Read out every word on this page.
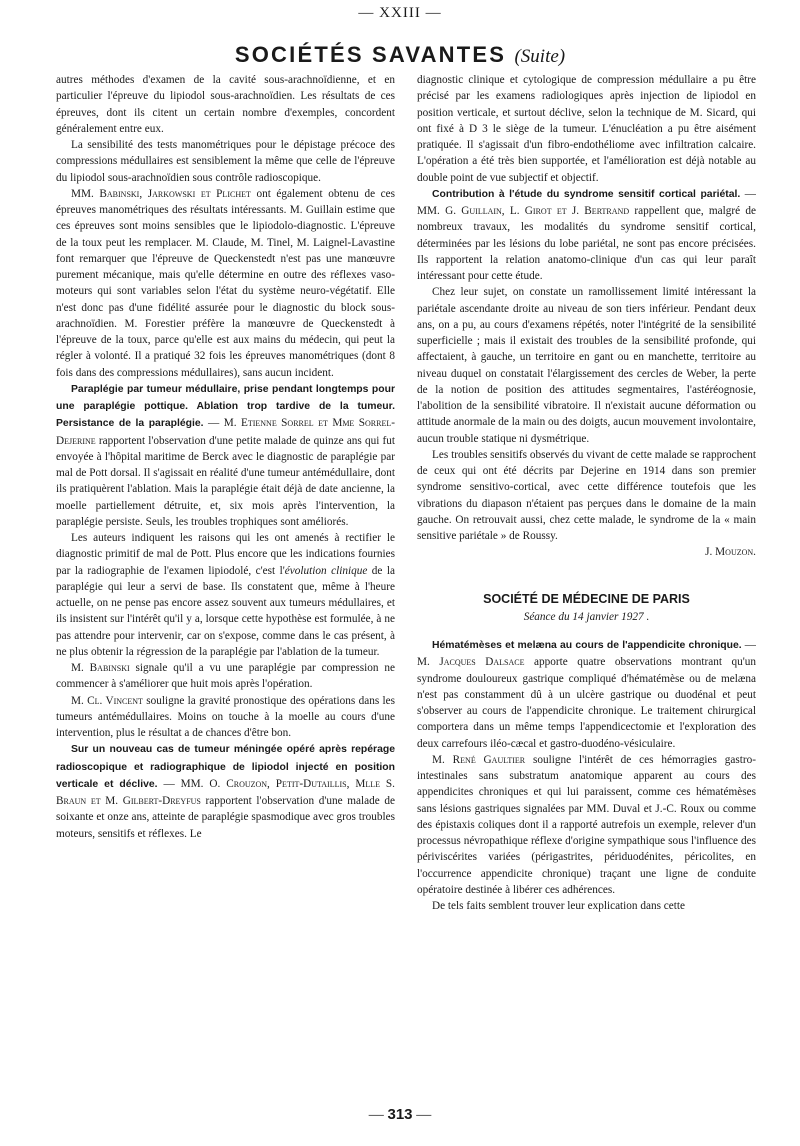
— XXIII —
SOCIÉTÉS SAVANTES (Suite)

autres méthodes d'examen de la cavité sous-arachnoïdienne, et en particulier l'épreuve du lipiodol sous-arachnoïdien. Les résultats de ces épreuves, dont ils citent un certain nombre d'exemples, concordent généralement entre eux.

La sensibilité des tests manométriques pour le dépistage précoce des compressions médullaires est sensiblement la même que celle de l'épreuve du lipiodol sous-arachnoïdien sous contrôle radioscopique.

MM. Babinski, Jarkowski et Plichet ont également obtenu de ces épreuves manométriques des résultats intéressants. M. Guillain estime que ces épreuves sont moins sensibles que le lipiodolo-diagnostic. L'épreuve de la toux peut les remplacer. M. Claude, M. Tinel, M. Laignel-Lavastine font remarquer que l'épreuve de Queckenstedt n'est pas une manœuvre purement mécanique, mais qu'elle détermine en outre des réflexes vaso-moteurs qui sont variables selon l'état du système neuro-végétatif. Elle n'est donc pas d'une fidélité assurée pour le diagnostic du block sous-arachnoïdien. M. Forestier préfère la manœuvre de Queckenstedt à l'épreuve de la toux, parce qu'elle est aux mains du médecin, qui peut la régler à volonté. Il a pratiqué 32 fois les épreuves manométriques (dont 8 fois dans des compressions médullaires), sans aucun incident.

Paraplégie par tumeur médullaire, prise pendant longtemps pour une paraplégie pottique. Ablation trop tardive de la tumeur. Persistance de la paraplégie. — M. Etienne Sorrel et Mme Sorrel-Dejerine rapportent l'observation d'une petite malade de quinze ans qui fut envoyée à l'hôpital maritime de Berck avec le diagnostic de paraplégie par mal de Pott dorsal. Il s'agissait en réalité d'une tumeur antémédullaire, dont ils pratiquèrent l'ablation. Mais la paraplégie était déjà de date ancienne, la moelle partiellement détruite, et, six mois après l'intervention, la paraplégie persiste. Seuls, les troubles trophiques sont améliorés.

Les auteurs indiquent les raisons qui les ont amenés à rectifier le diagnostic primitif de mal de Pott. Plus encore que les indications fournies par la radiographie de l'examen lipiodolé, c'est l'évolution clinique de la paraplégie qui leur a servi de base. Ils constatent que, même à l'heure actuelle, on ne pense pas encore assez souvent aux tumeurs médullaires, et ils insistent sur l'intérêt qu'il y a, lorsque cette hypothèse est formulée, à ne pas attendre pour intervenir, car on s'expose, comme dans le cas présent, à ne plus obtenir la régression de la paraplégie par l'ablation de la tumeur.

M. Babinski signale qu'il a vu une paraplégie par compression ne commencer à s'améliorer que huit mois après l'opération.

M. Cl. Vincent souligne la gravité pronostique des opérations dans les tumeurs antémédullaires. Moins on touche à la moelle au cours d'une intervention, plus le résultat a de chances d'être bon.

Sur un nouveau cas de tumeur méningée opéré après repérage radioscopique et radiographique de lipiodol injecté en position verticale et déclive. — MM. O. Crouzon, Petit-Dutaillis, Mlle S. Braun et M. Gilbert-Dreyfus rapportent l'observation d'une malade de soixante et onze ans, atteinte de paraplégie spasmodique avec gros troubles moteurs, sensitifs et réflexes. Le

diagnostic clinique et cytologique de compression médullaire a pu être précisé par les examens radiologiques après injection de lipiodol en position verticale, et surtout déclive, selon la technique de M. Sicard, qui ont fixé à D 3 le siège de la tumeur. L'énucléation a pu être aisément pratiquée. Il s'agissait d'un fibro-endothéliome avec infiltration calcaire. L'opération a été très bien supportée, et l'amélioration est déjà notable au double point de vue subjectif et objectif.

Contribution à l'étude du syndrome sensitif cortical pariétal. — MM. G. Guillain, L. Girot et J. Bertrand rappellent que, malgré de nombreux travaux, les modalités du syndrome sensitif cortical, déterminées par les lésions du lobe pariétal, ne sont pas encore précisées. Ils rapportent la relation anatomo-clinique d'un cas qui leur paraît intéressant pour cette étude.

Chez leur sujet, on constate un ramollissement limité intéressant la pariétale ascendante droite au niveau de son tiers inférieur. Pendant deux ans, on a pu, au cours d'examens répétés, noter l'intégrité de la sensibilité superficielle ; mais il existait des troubles de la sensibilité profonde, qui affectaient, à gauche, un territoire en gant ou en manchette, territoire au niveau duquel on constatait l'élargissement des cercles de Weber, la perte de la notion de position des attitudes segmentaires, l'astéréognosie, l'abolition de la sensibilité vibratoire. Il n'existait aucune déformation ou attitude anormale de la main ou des doigts, aucun mouvement involontaire, aucun trouble statique ni dysmétrique.

Les troubles sensitifs observés du vivant de cette malade se rapprochent de ceux qui ont été décrits par Dejerine en 1914 dans son premier syndrome sensitivo-cortical, avec cette différence toutefois que les vibrations du diapason n'étaient pas perçues dans le domaine de la main gauche. On retrouvait aussi, chez cette malade, le syndrome de la « main sensitive pariétale » de Roussy.

J. Mouzon.

SOCIÉTÉ DE MÉDECINE DE PARIS
Séance du 14 janvier 1927 .

Hématémèses et melæna au cours de l'appendicite chronique. — M. Jacques Dalsace apporte quatre observations montrant qu'un syndrome douloureux gastrique compliqué d'hématémèse ou de melæna n'est pas constamment dû à un ulcère gastrique ou duodénal et peut s'observer au cours de l'appendicite chronique. Le traitement chirurgical comportera dans un même temps l'appendicectomie et l'exploration des deux carrefours iléo-cæcal et gastro-duodéno-vésiculaire.

M. René Gaultier souligne l'intérêt de ces hémorragies gastro-intestinales sans substratum anatomique apparent au cours des appendicites chroniques et qui lui paraissent, comme ces hématémèses sans lésions gastriques signalées par MM. Duval et J.-C. Roux ou comme des épistaxis coliques dont il a rapporté autrefois un exemple, relever d'un processus névropathique réflexe d'origine sympathique sous l'influence des périviscérites variées (périgastrites, périduodénites, péricolites, en l'occurrence appendicite chronique) traçant une ligne de conduite opératoire destinée à libérer ces adhérences.

De tels faits semblent trouver leur explication dans cette

— 313 —
